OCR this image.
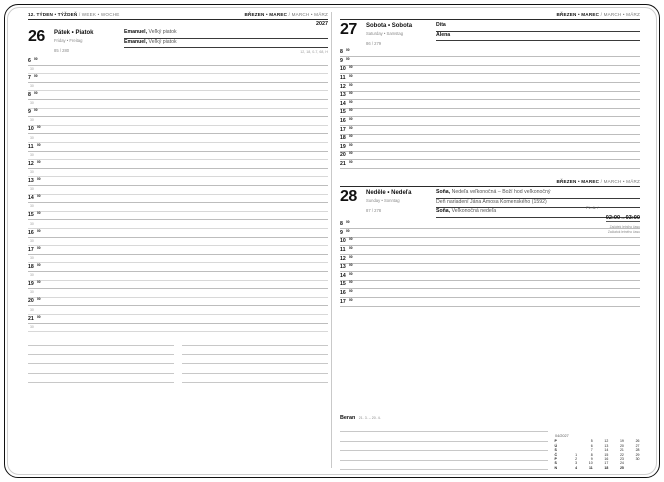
12. TÝDEN • TÝŽDEŇ / WEEK • WOCHE	BŘEZEN • MAREC / MARCH • MÄRZ
2027
26	Pátek • Piatok
Friday • Freitag
85 / 280
Emanuel, Veľký piatok
Emanuel, Veľký piatok
12, 18, 0-7, 68, H
6 00
30
7 00
30
8 00
30
9 00
30
10 00
30
11 00
30
12 00
30
13 00
30
14 00
30
15 00
30
16 00
30
17 00
30
18 00
30
19 00
30
20 00
30
21 00
30
BŘEZEN • MAREC / MARCH • MÄRZ
27	Sobota • Sobota
Saturday • Samstag
86 / 279
Dita
Alena
8 00
9 00
10 00
11 00
12 00
13 00
14 00
15 00
16 00
17 00
18 00
19 00
20 00
21 00
BŘEZEN • MAREC / MARCH • MÄRZ
28	Neděle • Nedeľa
Sunday • Sonntag
87 / 278
Soňa, Nedeľa veľkonočná – Boží hod veľkonočný
Deň nariadení Jána Amosa Komenského (1592)
Soňa, Veľkonočná nedeľa
PL. A. / 02:00→03:00
Začátek letního času
Začiatok letného času
8 00
9 00
10 00
11 00
12 00
13 00
14 00
15 00
16 00
17 00
Beran 21. 3. – 20. 4.
04/2027
P		5	12	19	26
Ú		6	13	20	27
S		7	14	21	28
Č	1	8	15	22	29
P	2	9	16	23	30
S	3	10	17	24	
N	4	11	18	25	
